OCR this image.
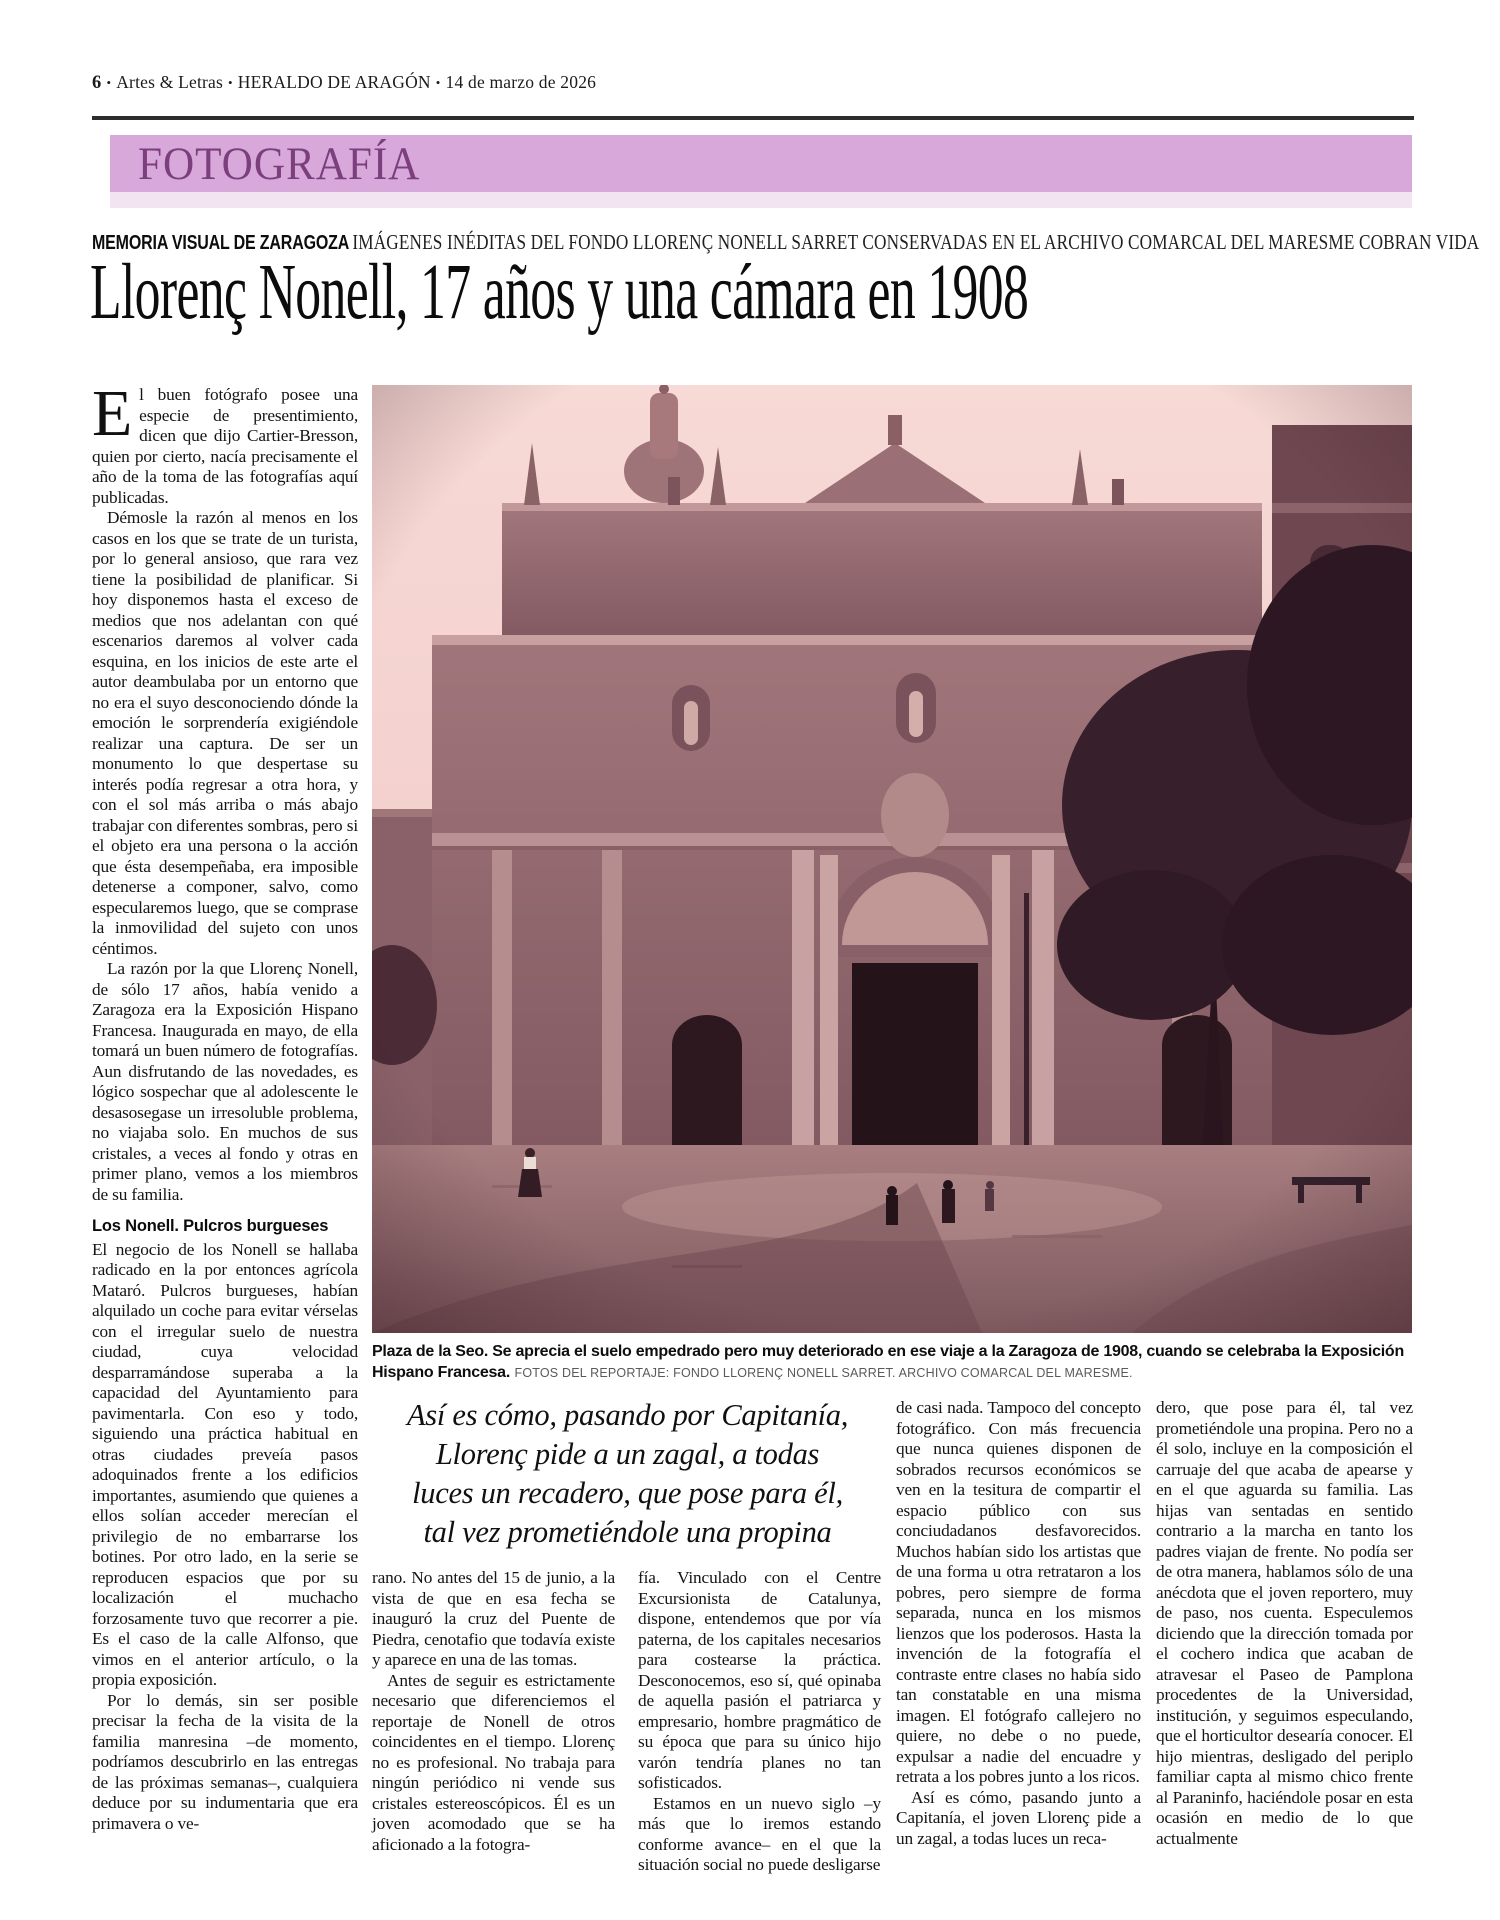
6 • Artes & Letras • HERALDO DE ARAGÓN • 14 de marzo de 2026
FOTOGRAFÍA
MEMORIA VISUAL DE ZARAGOZA IMÁGENES INÉDITAS DEL FONDO LLORENÇ NONELL SARRET CONSERVADAS EN EL ARCHIVO COMARCAL DEL MARESME COBRAN VIDA
Llorenç Nonell, 17 años y una cámara en 1908

El buen fotógrafo posee una especie de presentimiento, dicen que dijo Cartier-Bresson, quien por cierto, nacía precisamente el año de la toma de las fotografías aquí publicadas.

Démosle la razón al menos en los casos en los que se trate de un turista, por lo general ansioso, que rara vez tiene la posibilidad de planificar. Si hoy disponemos hasta el exceso de medios que nos adelantan con qué escenarios daremos al volver cada esquina, en los inicios de este arte el autor deambulaba por un entorno que no era el suyo desconociendo dónde la emoción le sorprendería exigiéndole realizar una captura. De ser un monumento lo que despertase su interés podía regresar a otra hora, y con el sol más arriba o más abajo trabajar con diferentes sombras, pero si el objeto era una persona o la acción que ésta desempeñaba, era imposible detenerse a componer, salvo, como especularemos luego, que se comprase la inmovilidad del sujeto con unos céntimos.

La razón por la que Llorenç Nonell, de sólo 17 años, había venido a Zaragoza era la Exposición Hispano Francesa. Inaugurada en mayo, de ella tomará un buen número de fotografías. Aun disfrutando de las novedades, es lógico sospechar que al adolescente le desasosegase un irresoluble problema, no viajaba solo. En muchos de sus cristales, a veces al fondo y otras en primer plano, vemos a los miembros de su familia.

Los Nonell. Pulcros burgueses

El negocio de los Nonell se hallaba radicado en la por entonces agrícola Mataró. Pulcros burgueses, habían alquilado un coche para evitar vérselas con el irregular suelo de nuestra ciudad, cuya velocidad desparramándose superaba a la capacidad del Ayuntamiento para pavimentarla. Con eso y todo, siguiendo una práctica habitual en otras ciudades preveía pasos adoquinados frente a los edificios importantes, asumiendo que quienes a ellos solían acceder merecían el privilegio de no embarrarse los botines. Por otro lado, en la serie se reproducen espacios que por su localización el muchacho forzosamente tuvo que recorrer a pie. Es el caso de la calle Alfonso, que vimos en el anterior artículo, o la propia exposición.

Por lo demás, sin ser posible precisar la fecha de la visita de la familia manresina –de momento, podríamos descubrirlo en las entregas de las próximas semanas–, cualquiera deduce por su indumentaria que era primavera o ve-

Plaza de la Seo. Se aprecia el suelo empedrado pero muy deteriorado en ese viaje a la Zaragoza de 1908, cuando se celebraba la Exposición Hispano Francesa. FOTOS DEL REPORTAJE: FONDO LLORENÇ NONELL SARRET. ARCHIVO COMARCAL DEL MARESME.

Así es cómo, pasando por Capitanía,
Llorenç pide a un zagal, a todas
luces un recadero, que pose para él,
tal vez prometiéndole una propina

rano. No antes del 15 de junio, a la vista de que en esa fecha se inauguró la cruz del Puente de Piedra, cenotafio que todavía existe y aparece en una de las tomas.

Antes de seguir es estrictamente necesario que diferenciemos el reportaje de Nonell de otros coincidentes en el tiempo. Llorenç no es profesional. No trabaja para ningún periódico ni vende sus cristales estereoscópicos. Él es un joven acomodado que se ha aficionado a la fotogra-

fía. Vinculado con el Centre Excursionista de Catalunya, dispone, entendemos que por vía paterna, de los capitales necesarios para costearse la práctica. Desconocemos, eso sí, qué opinaba de aquella pasión el patriarca y empresario, hombre pragmático de su época que para su único hijo varón tendría planes no tan sofisticados.

Estamos en un nuevo siglo –y más que lo iremos estando conforme avance– en el que la situación social no puede desligarse

de casi nada. Tampoco del concepto fotográfico. Con más frecuencia que nunca quienes disponen de sobrados recursos económicos se ven en la tesitura de compartir el espacio público con sus conciudadanos desfavorecidos. Muchos habían sido los artistas que de una forma u otra retrataron a los pobres, pero siempre de forma separada, nunca en los mismos lienzos que los poderosos. Hasta la invención de la fotografía el contraste entre clases no había sido tan constatable en una misma imagen. El fotógrafo callejero no quiere, no debe o no puede, expulsar a nadie del encuadre y retrata a los pobres junto a los ricos.

Así es cómo, pasando junto a Capitanía, el joven Llorenç pide a un zagal, a todas luces un reca-

dero, que pose para él, tal vez prometiéndole una propina. Pero no a él solo, incluye en la composición el carruaje del que acaba de apearse y en el que aguarda su familia. Las hijas van sentadas en sentido contrario a la marcha en tanto los padres viajan de frente. No podía ser de otra manera, hablamos sólo de una anécdota que el joven reportero, muy de paso, nos cuenta. Especulemos diciendo que la dirección tomada por el cochero indica que acaban de atravesar el Paseo de Pamplona procedentes de la Universidad, institución, y seguimos especulando, que el horticultor desearía conocer. El hijo mientras, desligado del periplo familiar capta al mismo chico frente al Paraninfo, haciéndole posar en esta ocasión en medio de lo que actualmente
